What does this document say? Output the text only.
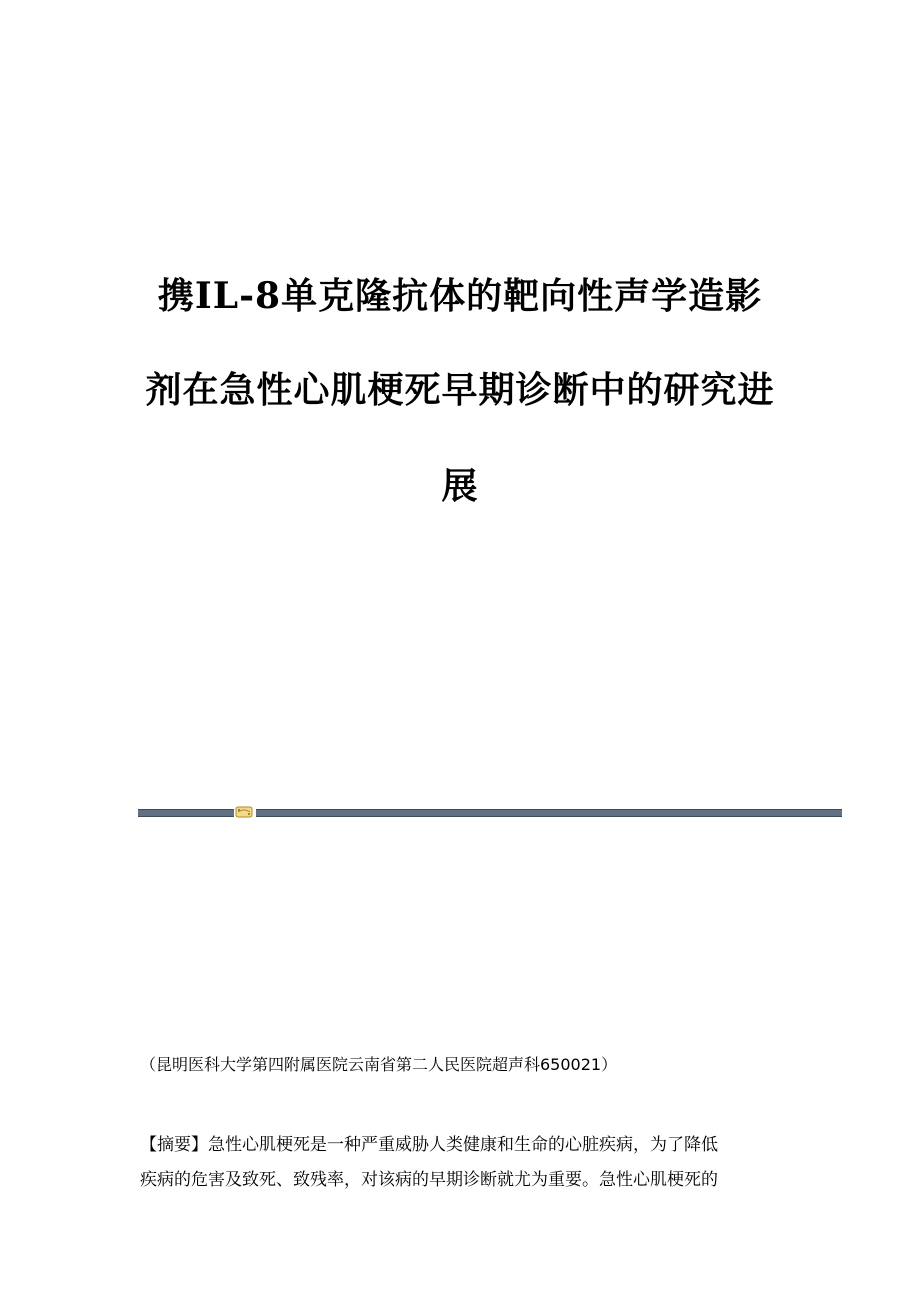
携IL-8单克隆抗体的靶向性声学造影
剂在急性心肌梗死早期诊断中的研究进
展
（昆明医科大学第四附属医院云南省第二人民医院超声科650021）
【摘要】急性心肌梗死是一种严重威胁人类健康和生命的心脏疾病，为了降低
疾病的危害及致死、致残率，对该病的早期诊断就尤为重要。急性心肌梗死的
